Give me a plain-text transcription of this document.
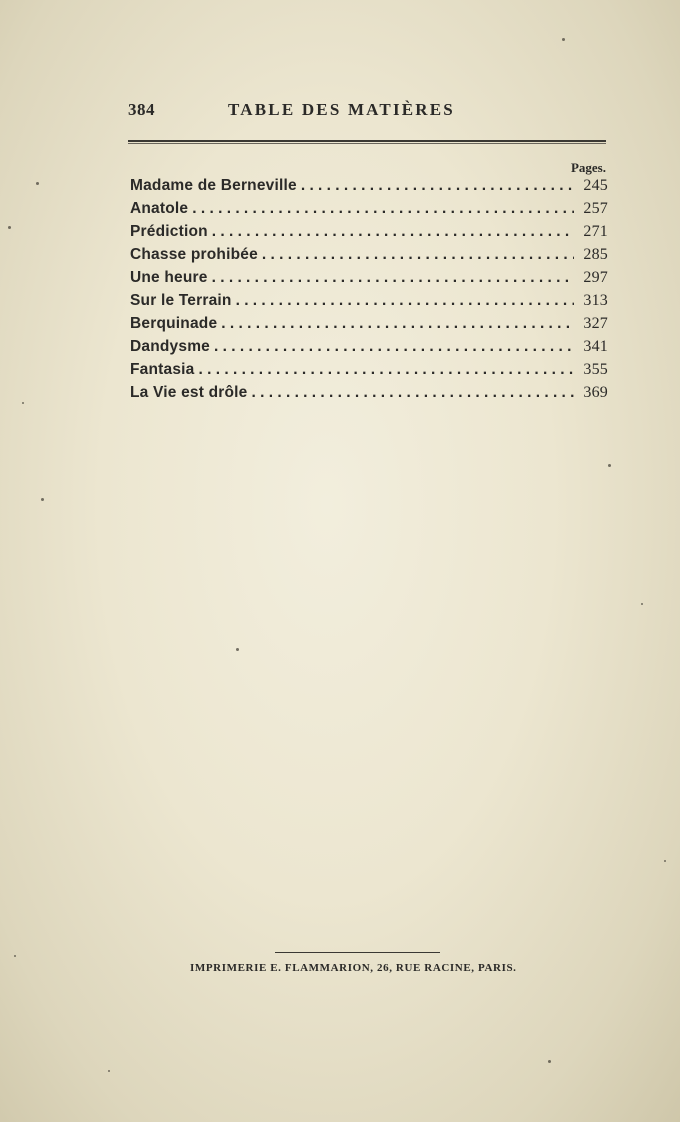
384	TABLE DES MATIÈRES
Pages.
Madame de Berneville . . .	245
Anatole . . .	257
Prédiction . . .	271
Chasse prohibée . . .	285
Une heure . . .	297
Sur le Terrain . . .	313
Berquinade . . .	327
Dandysme . . .	341
Fantasia . . .	355
La Vie est drôle . . .	369
IMPRIMERIE E. FLAMMARION, 26, RUE RACINE, PARIS.
